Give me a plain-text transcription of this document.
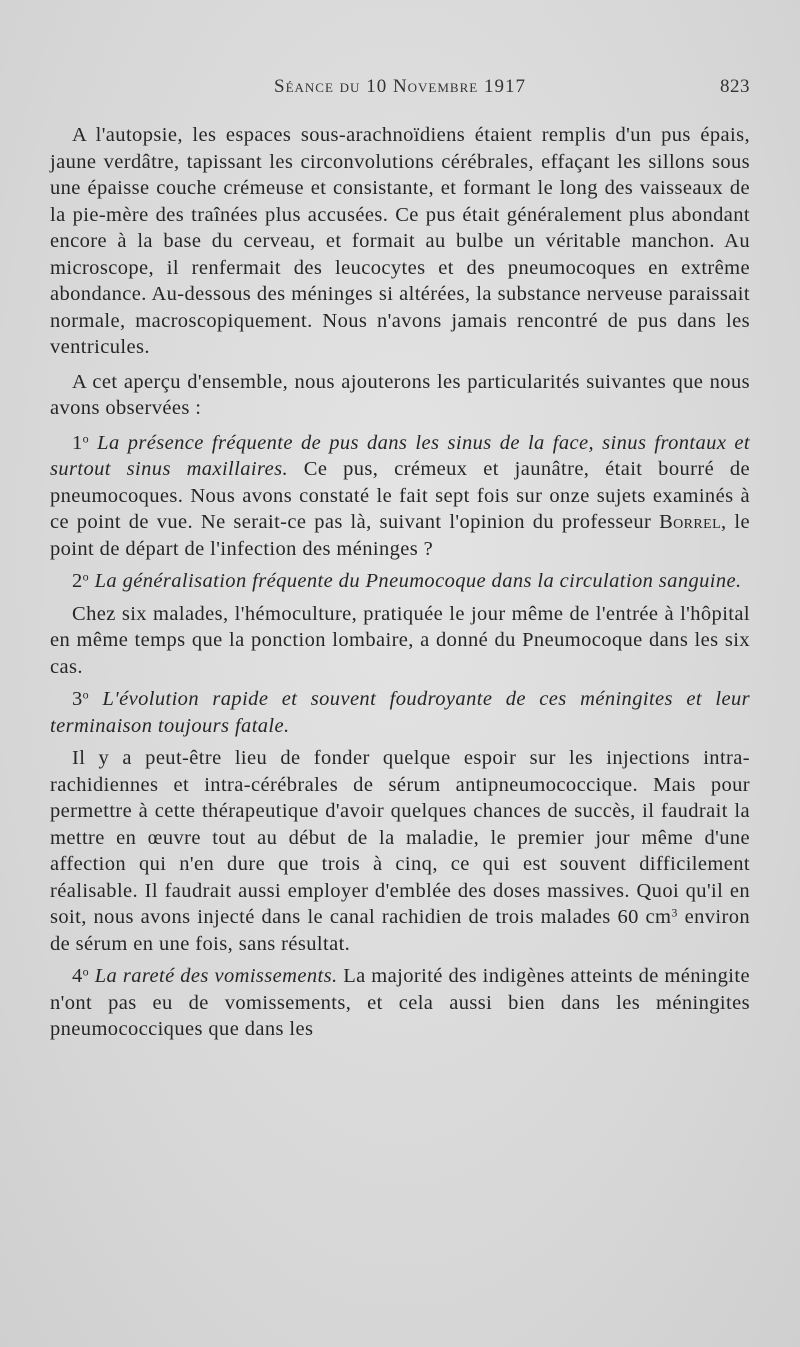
Séance du 10 Novembre 1917	823

A l'autopsie, les espaces sous-arachnoïdiens étaient remplis d'un pus épais, jaune verdâtre, tapissant les circonvolutions cérébrales, effaçant les sillons sous une épaisse couche crémeuse et consistante, et formant le long des vaisseaux de la pie-mère des traînées plus accusées. Ce pus était généralement plus abondant encore à la base du cerveau, et formait au bulbe un véritable manchon. Au microscope, il renfermait des leucocytes et des pneumocoques en extrême abondance. Au-dessous des méninges si altérées, la substance nerveuse paraissait normale, macroscopiquement. Nous n'avons jamais rencontré de pus dans les ventricules.

A cet aperçu d'ensemble, nous ajouterons les particularités suivantes que nous avons observées :

1$^o$ La présence fréquente de pus dans les sinus de la face, sinus frontaux et surtout sinus maxillaires. Ce pus, crémeux et jaunâtre, était bourré de pneumocoques. Nous avons constaté le fait sept fois sur onze sujets examinés à ce point de vue. Ne serait-ce pas là, suivant l'opinion du professeur Borrel, le point de départ de l'infection des méninges ?

2$^o$ La généralisation fréquente du Pneumocoque dans la circulation sanguine.

Chez six malades, l'hémoculture, pratiquée le jour même de l'entrée à l'hôpital en même temps que la ponction lombaire, a donné du Pneumocoque dans les six cas.

3$^o$ L'évolution rapide et souvent foudroyante de ces méningites et leur terminaison toujours fatale.

Il y a peut-être lieu de fonder quelque espoir sur les injections intra-rachidiennes et intra-cérébrales de sérum antipneumococcique. Mais pour permettre à cette thérapeutique d'avoir quelques chances de succès, il faudrait la mettre en œuvre tout au début de la maladie, le premier jour même d'une affection qui n'en dure que trois à cinq, ce qui est souvent difficilement réalisable. Il faudrait aussi employer d'emblée des doses massives. Quoi qu'il en soit, nous avons injecté dans le canal rachidien de trois malades 60 $cm^3$ environ de sérum en une fois, sans résultat.

4$^o$ La rareté des vomissements. La majorité des indigènes atteints de méningite n'ont pas eu de vomissements, et cela aussi bien dans les méningites pneumococciques que dans les
